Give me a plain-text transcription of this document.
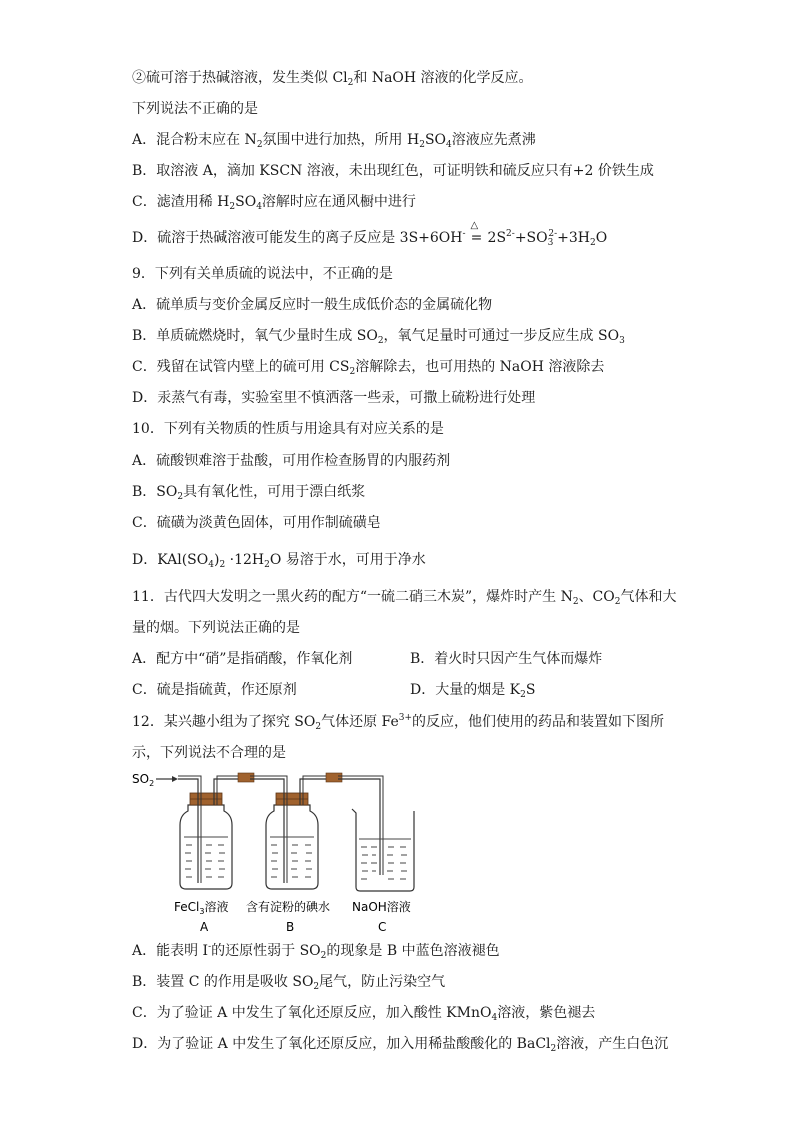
②硫可溶于热碱溶液，发生类似 $Cl_2$和 NaOH 溶液的化学反应。
下列说法不正确的是
A．混合粉末应在 $N_2$氛围中进行加热，所用 $H_2SO_4$溶液应先煮沸
B．取溶液 A，滴加 KSCN 溶液，未出现红色，可证明铁和硫反应只有+2 价铁生成
C．滤渣用稀 $H_2SO_4$溶解时应在通风橱中进行
D．硫溶于热碱溶液可能发生的离子反应是 3S+6OH-
△
= $2S^{2-}+SO_3^{2-}+3H_2O$
9．下列有关单质硫的说法中，不正确的是
A．硫单质与变价金属反应时一般生成低价态的金属硫化物
B．单质硫燃烧时，氧气少量时生成 $SO_2$，氧气足量时可通过一步反应生成 $SO_3$
C．残留在试管内壁上的硫可用 $CS_2$溶解除去，也可用热的 NaOH 溶液除去
D．汞蒸气有毒，实验室里不慎洒落一些汞，可撒上硫粉进行处理
10．下列有关物质的性质与用途具有对应关系的是
A．硫酸钡难溶于盐酸，可用作检查肠胃的内服药剂
B．$SO_2$具有氧化性，可用于漂白纸浆
C．硫磺为淡黄色固体，可用作制硫磺皂
D．$KAl(SO_4)_2 \cdot 12H_2O$ 易溶于水，可用于净水
11．古代四大发明之一黑火药的配方“一硫二硝三木炭”，爆炸时产生 $N_2$、$CO_2$气体和大
量的烟。下列说法正确的是
A．配方中“硝”是指硝酸，作氧化剂	B．着火时只因产生气体而爆炸
C．硫是指硫黄，作还原剂	D．大量的烟是 $K_2S$
12．某兴趣小组为了探究 $SO_2$气体还原 $Fe^{3+}$的反应，他们使用的药品和装置如下图所
示，下列说法不合理的是
$SO_2$
FeCl$_3$溶液 含有淀粉的碘水 NaOH溶液
A	B	C
A．能表明 I-的还原性弱于 $SO_2$的现象是 B 中蓝色溶液褪色
B．装置 C 的作用是吸收 $SO_2$尾气，防止污染空气
C．为了验证 A 中发生了氧化还原反应，加入酸性 KMnO$_4$溶液，紫色褪去
D．为了验证 A 中发生了氧化还原反应，加入用稀盐酸酸化的 BaCl$_2$溶液，产生白色沉
